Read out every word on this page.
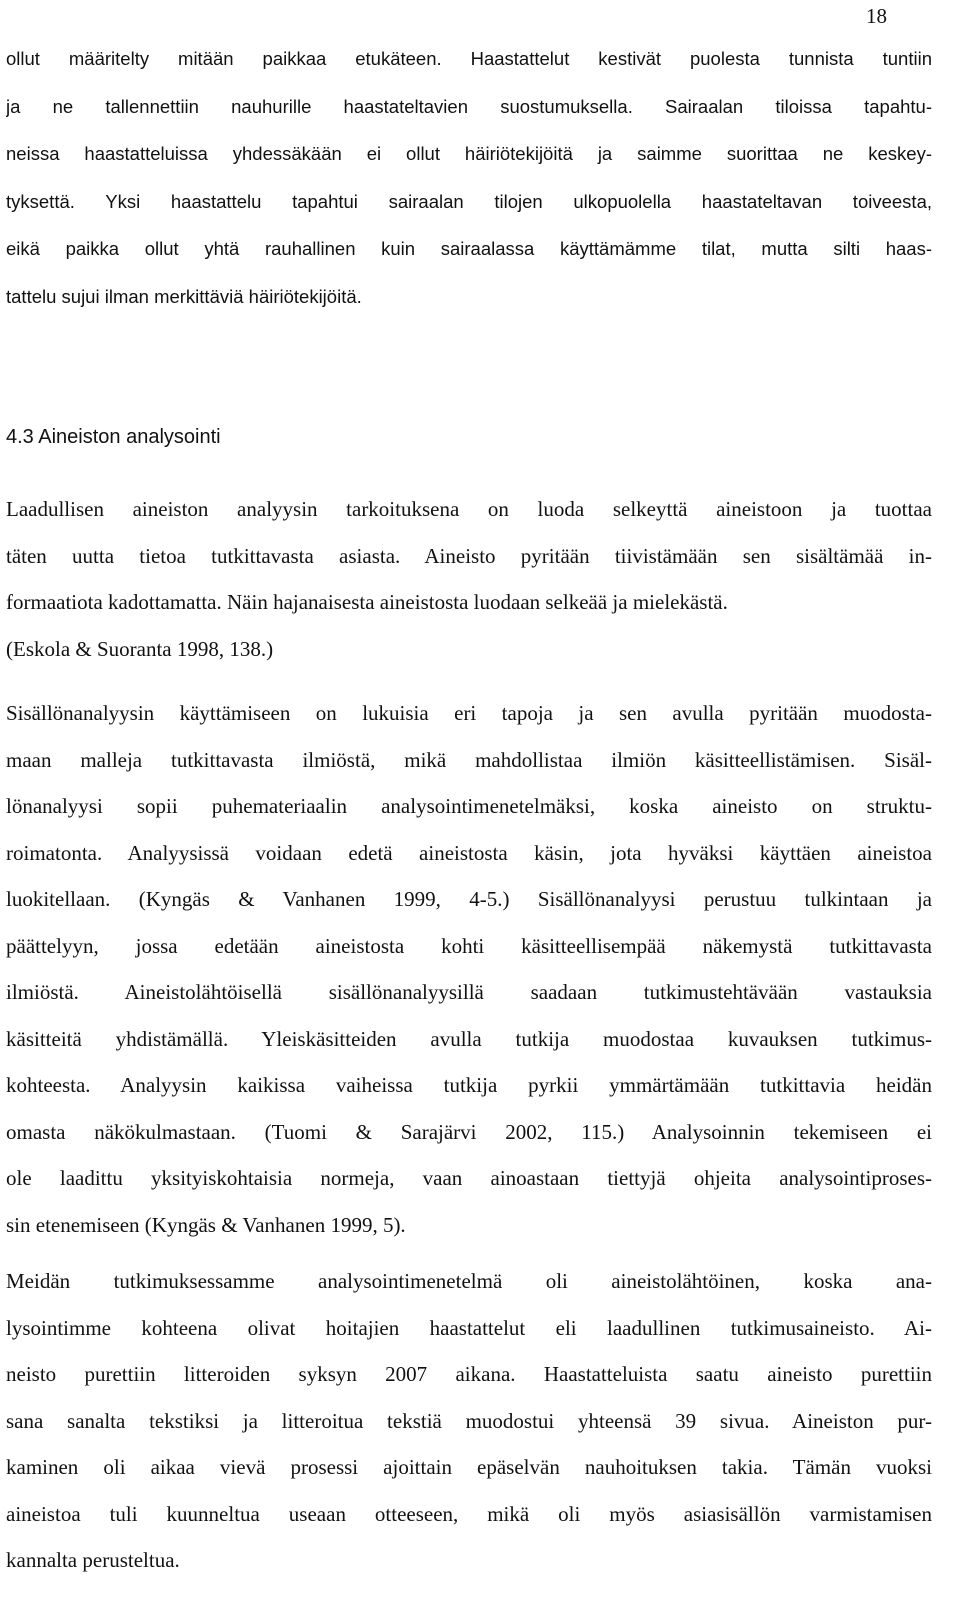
18
ollut määritelty mitään paikkaa etukäteen. Haastattelut kestivät puolesta tunnista tuntiin
ja ne tallennettiin nauhurille haastateltavien suostumuksella. Sairaalan tiloissa tapahtu-
neissa haastatteluissa yhdessäkään ei ollut häiriötekijöitä ja saimme suorittaa ne keskey-
tyksettä. Yksi haastattelu tapahtui sairaalan tilojen ulkopuolella haastateltavan toiveesta,
eikä paikka ollut yhtä rauhallinen kuin sairaalassa käyttämämme tilat, mutta silti haas-
tattelu sujui ilman merkittäviä häiriötekijöitä.
4.3 Aineiston analysointi
Laadullisen aineiston analyysin tarkoituksena on luoda selkeyttä aineistoon ja tuottaa
täten uutta tietoa tutkittavasta asiasta. Aineisto pyritään tiivistämään sen sisältämää in-
formaatiota kadottamatta. Näin hajanaisesta aineistosta luodaan selkeää ja mielekästä.
(Eskola & Suoranta 1998, 138.)
Sisällönanalyysin käyttämiseen on lukuisia eri tapoja ja sen avulla pyritään muodosta-
maan malleja tutkittavasta ilmiöstä, mikä mahdollistaa ilmiön käsitteellistämisen. Sisäl-
lönanalyysi sopii puhemateriaalin analysointimenetelmäksi, koska aineisto on struktu-
roimatonta. Analyysissä voidaan edetä aineistosta käsin, jota hyväksi käyttäen aineistoa
luokitellaan. (Kyngäs & Vanhanen 1999, 4-5.) Sisällönanalyysi perustuu tulkintaan ja
päättelyyn, jossa edetään aineistosta kohti käsitteellisempää näkemystä tutkittavasta
ilmiöstä. Aineistolähtöisellä sisällönanalyysillä saadaan tutkimustehtävään vastauksia
käsitteitä yhdistämällä. Yleiskäsitteiden avulla tutkija muodostaa kuvauksen tutkimus-
kohteesta. Analyysin kaikissa vaiheissa tutkija pyrkii ymmärtämään tutkittavia heidän
omasta näkökulmastaan. (Tuomi & Sarajärvi 2002, 115.) Analysoinnin tekemiseen ei
ole laadittu yksityiskohtaisia normeja, vaan ainoastaan tiettyjä ohjeita analysointiproses-
sin etenemiseen (Kyngäs & Vanhanen 1999, 5).
Meidän tutkimuksessamme analysointimenetelmä oli aineistolähtöinen, koska ana-
lysointimme kohteena olivat hoitajien haastattelut eli laadullinen tutkimusaineisto. Ai-
neisto purettiin litteroiden syksyn 2007 aikana. Haastatteluista saatu aineisto purettiin
sana sanalta tekstiksi ja litteroitua tekstiä muodostui yhteensä 39 sivua. Aineiston pur-
kaminen oli aikaa vievä prosessi ajoittain epäselvän nauhoituksen takia. Tämän vuoksi
aineistoa tuli kuunneltua useaan otteeseen, mikä oli myös asiasisällön varmistamisen
kannalta perusteltua.
